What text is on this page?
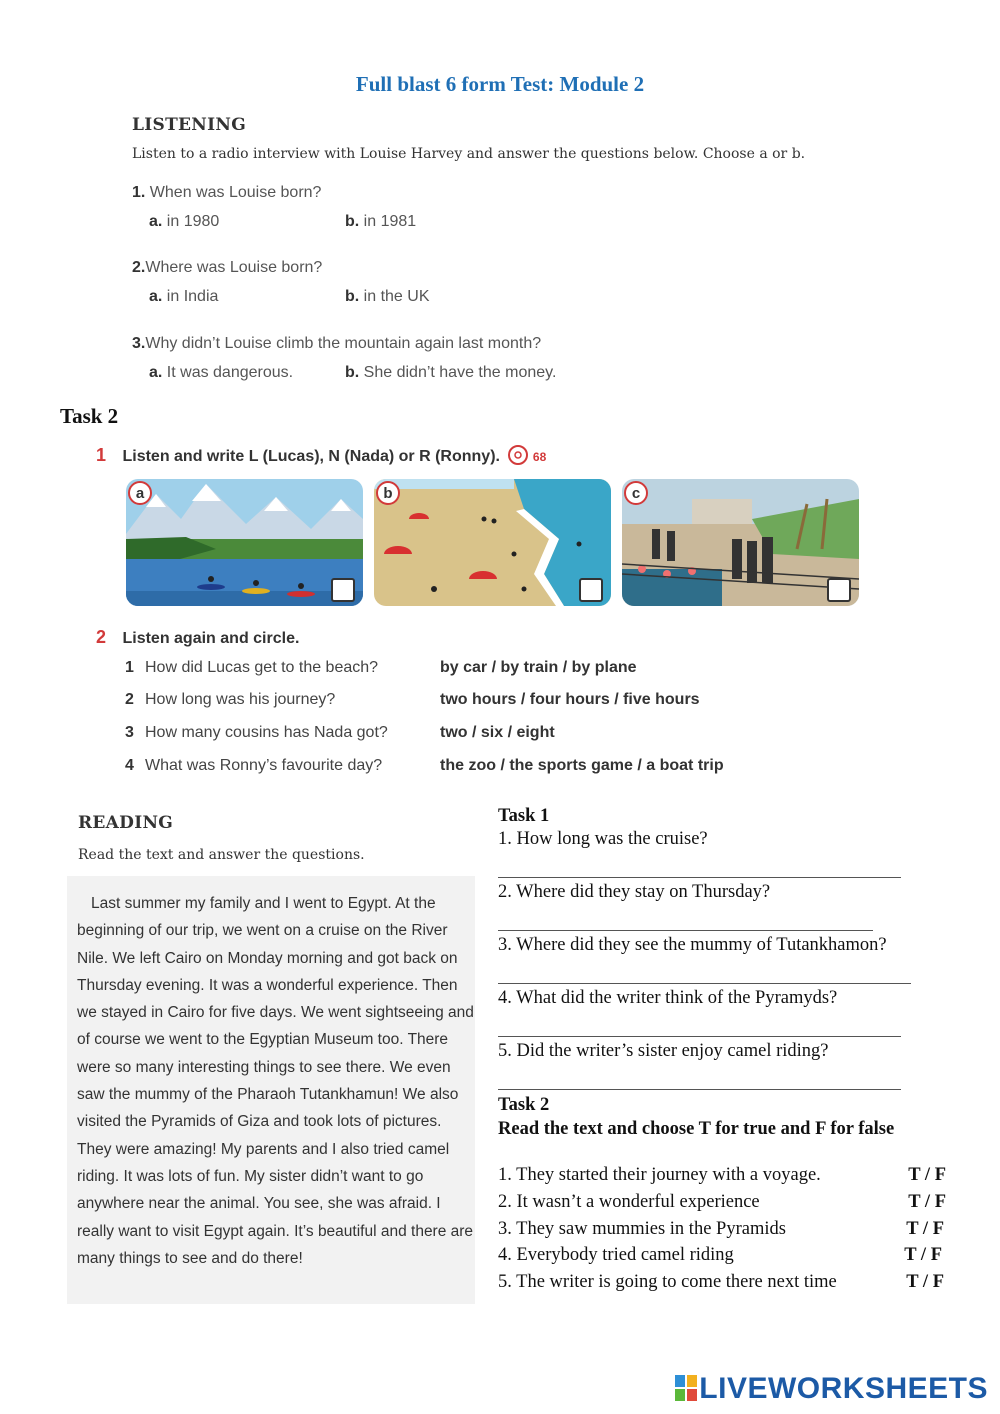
Full blast 6 form Test: Module 2
LISTENING
Listen to a radio interview with Louise Harvey and answer the questions below. Choose a or b.
1. When was Louise born?
a. in 1980	b. in 1981
2.Where was Louise born?
a. in India	b. in the UK
3.Why didn’t Louise climb the mountain again last month?
a. It was dangerous.	b. She didn’t have the money.
Task 2
1 Listen and write L (Lucas), N (Nada) or R (Ronny).	68
a	b	c
2 Listen again and circle.
1 How did Lucas get to the beach?	by car / by train / by plane
2 How long was his journey?	two hours / four hours / five hours
3 How many cousins has Nada got?	two / six / eight
4 What was Ronny’s favourite day?	the zoo / the sports game / a boat trip
READING
Read the text and answer the questions.
Last summer my family and I went to Egypt. At the beginning of our trip, we went on a cruise on the River Nile. We left Cairo on Monday morning and got back on Thursday evening. It was a wonderful experience. Then we stayed in Cairo for five days. We went sightseeing and of course we went to the Egyptian Museum too. There were so many interesting things to see there. We even saw the mummy of the Pharaoh Tutankhamun! We also visited the Pyramids of Giza and took lots of pictures. They were amazing! My parents and I also tried camel riding. It was lots of fun. My sister didn’t want to go anywhere near the animal. You see, she was afraid. I really want to visit Egypt again. It’s beautiful and there are many things to see and do there!
Task 1
1. How long was the cruise?
2. Where did they stay on Thursday?
3. Where did they see the mummy of Tutankhamon?
4. What did the writer think of the Pyramyds?
5. Did the writer’s sister enjoy camel riding?
Task 2
Read the text and choose T for true and F for false
1. They started their journey with a voyage.	T / F
2. It wasn’t a wonderful experience	T / F
3. They saw mummies in the Pyramids	T / F
4. Everybody tried camel riding	T / F
5. The writer is going to come there next time	T / F
LIVEWORKSHEETS
